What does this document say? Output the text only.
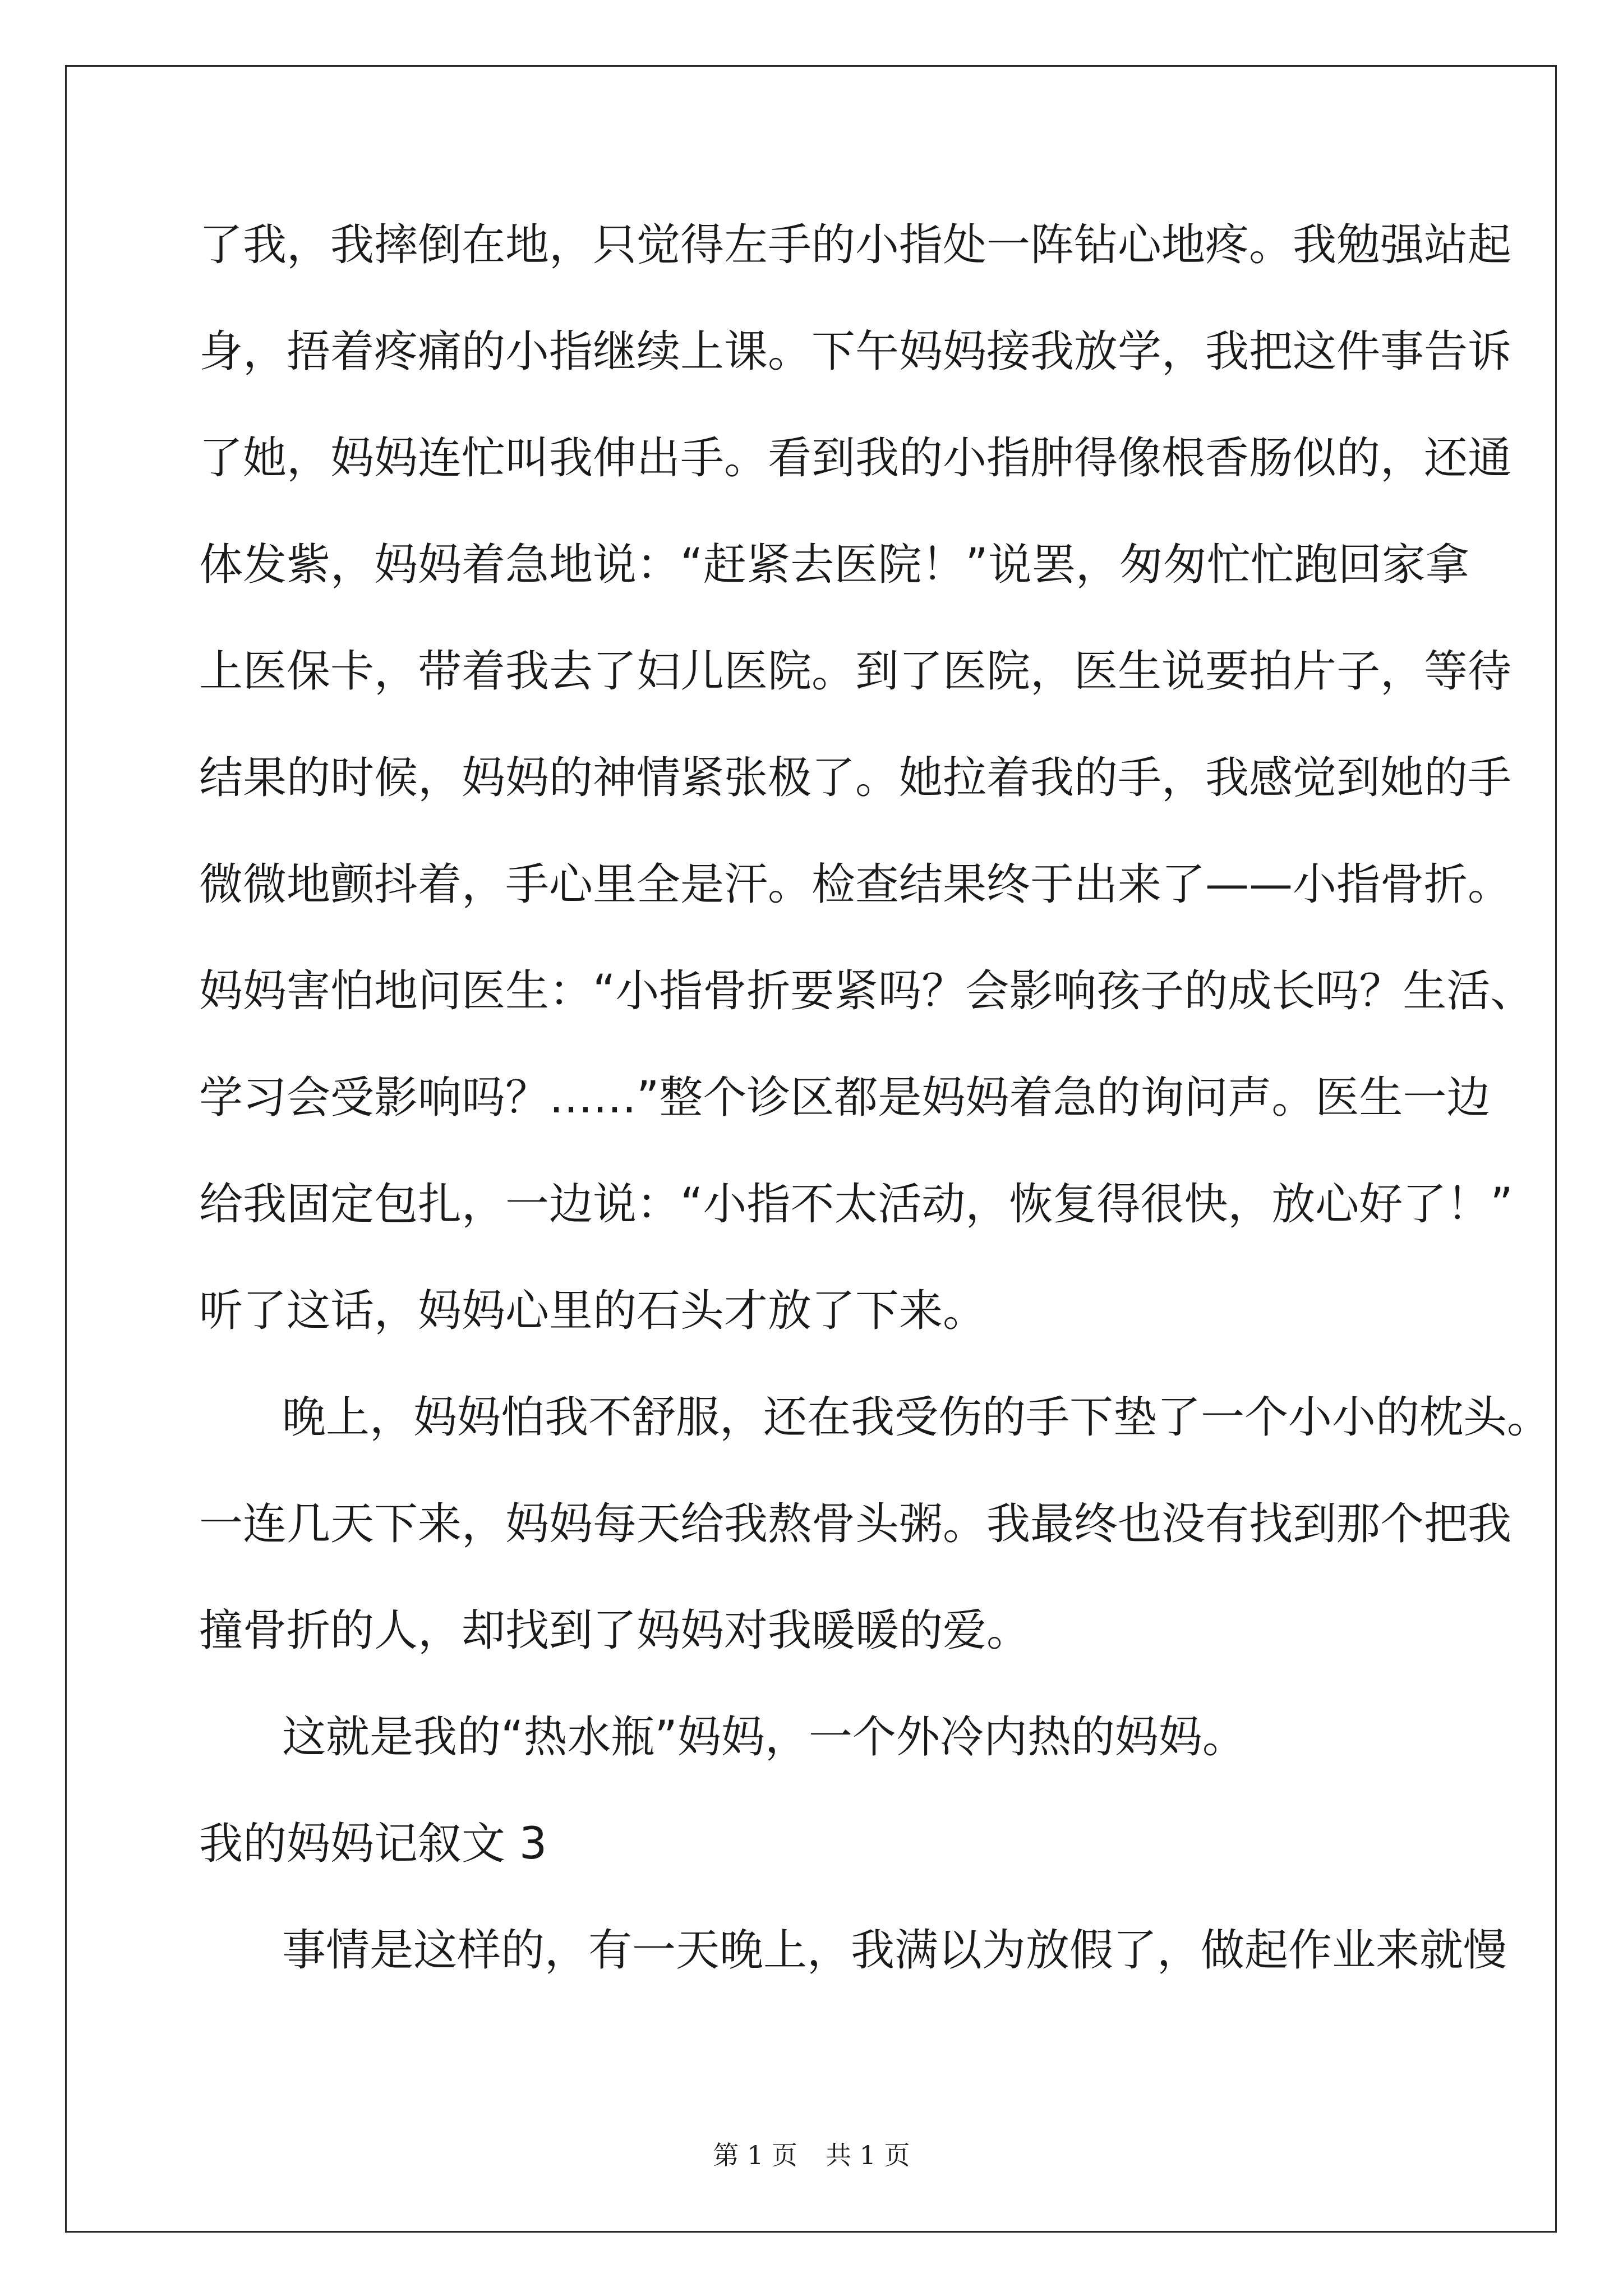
了我，我摔倒在地，只觉得左手的小指处一阵钻心地疼。我勉强站起
身，捂着疼痛的小指继续上课。下午妈妈接我放学，我把这件事告诉
了她，妈妈连忙叫我伸出手。看到我的小指肿得像根香肠似的，还通
体发紫，妈妈着急地说：“赶紧去医院！”说罢，匆匆忙忙跑回家拿
上医保卡，带着我去了妇儿医院。到了医院，医生说要拍片子，等待
结果的时候，妈妈的神情紧张极了。她拉着我的手，我感觉到她的手
微微地颤抖着，手心里全是汗。检查结果终于出来了——小指骨折。
妈妈害怕地问医生：“小指骨折要紧吗？会影响孩子的成长吗？生活、
学习会受影响吗？……”整个诊区都是妈妈着急的询问声。医生一边
给我固定包扎，一边说：“小指不太活动，恢复得很快，放心好了！”
听了这话，妈妈心里的石头才放了下来。
晚上，妈妈怕我不舒服，还在我受伤的手下垫了一个小小的枕头。
一连几天下来，妈妈每天给我熬骨头粥。我最终也没有找到那个把我
撞骨折的人，却找到了妈妈对我暖暖的爱。
这就是我的“热水瓶”妈妈，一个外冷内热的妈妈。
我的妈妈记叙文 3
事情是这样的，有一天晚上，我满以为放假了，做起作业来就慢
第 1 页 共 1 页
